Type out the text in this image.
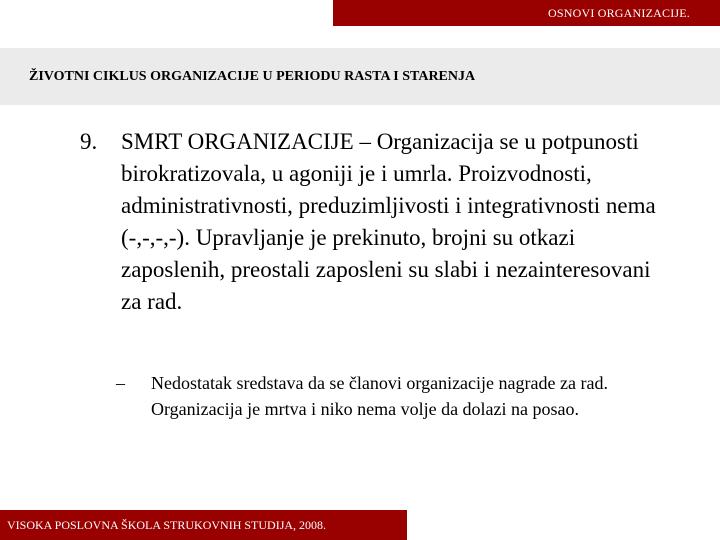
OSNOVI ORGANIZACIJE.
ŽIVOTNI CIKLUS ORGANIZACIJE U PERIODU RASTA I STARENJA
9. SMRT ORGANIZACIJE – Organizacija se u potpunosti birokratizovala, u agoniji je i umrla. Proizvodnosti, administrativnosti, preduzimljivosti i integrativnosti nema (-,-,-,-). Upravljanje je prekinuto, brojni su otkazi zaposlenih, preostali zaposleni su slabi i nezainteresovani za rad.
– Nedostatak sredstava da se članovi organizacije nagrade za rad. Organizacija je mrtva i niko nema volje da dolazi na posao.
VISOKA POSLOVNA ŠKOLA STRUKOVNIH STUDIJA, 2008.
